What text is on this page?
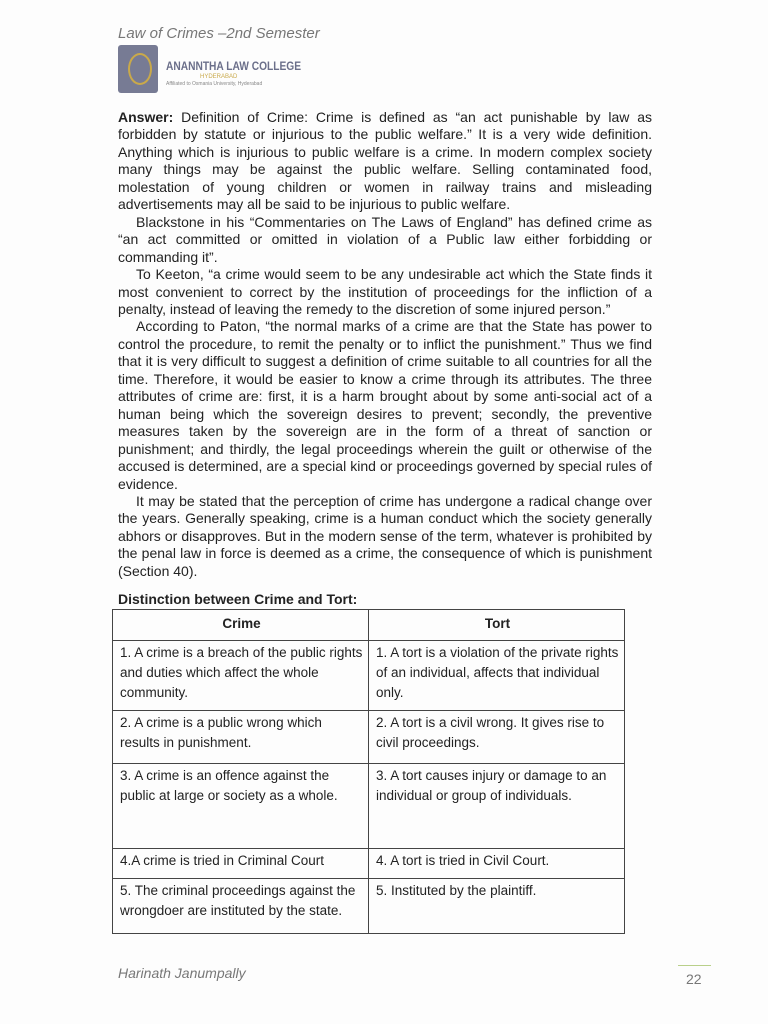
Law of Crimes –2nd Semester
ANANNTHA LAW COLLEGE
HYDERABAD
Affiliated to Osmania University, Hyderabad

Answer: Definition of Crime: Crime is defined as “an act punishable by law as forbidden by statute or injurious to the public welfare.” It is a very wide definition. Anything which is injurious to public welfare is a crime. In modern complex society many things may be against the public welfare. Selling contaminated food, molestation of young children or women in railway trains and misleading advertisements may all be said to be injurious to public welfare.

Blackstone in his “Commentaries on The Laws of England” has defined crime as “an act committed or omitted in violation of a Public law either forbidding or commanding it”.

To Keeton, “a crime would seem to be any undesirable act which the State finds it most convenient to correct by the institution of proceedings for the infliction of a penalty, instead of leaving the remedy to the discretion of some injured person.”

According to Paton, “the normal marks of a crime are that the State has power to control the procedure, to remit the penalty or to inflict the punishment.” Thus we find that it is very difficult to suggest a definition of crime suitable to all countries for all the time. Therefore, it would be easier to know a crime through its attributes. The three attributes of crime are: first, it is a harm brought about by some anti-social act of a human being which the sovereign desires to prevent; secondly, the preventive measures taken by the sovereign are in the form of a threat of sanction or punishment; and thirdly, the legal proceedings wherein the guilt or otherwise of the accused is determined, are a special kind or proceedings governed by special rules of evidence.

It may be stated that the perception of crime has undergone a radical change over the years. Generally speaking, crime is a human conduct which the society generally abhors or disapproves. But in the modern sense of the term, whatever is prohibited by the penal law in force is deemed as a crime, the consequence of which is punishment (Section 40).

Distinction between Crime and Tort:
Crime	Tort
1. A crime is a breach of the public rights and duties which affect the whole community.	1. A tort is a violation of the private rights of an individual, affects that individual only.
2. A crime is a public wrong which results in punishment.	2. A tort is a civil wrong. It gives rise to civil proceedings.
3. A crime is an offence against the public at large or society as a whole.	3. A tort causes injury or damage to an individual or group of individuals.
4.A crime is tried in Criminal Court	4. A tort is tried in Civil Court.
5. The criminal proceedings against the wrongdoer are instituted by the state.	5. Instituted by the plaintiff.
Harinath Janumpally	22
